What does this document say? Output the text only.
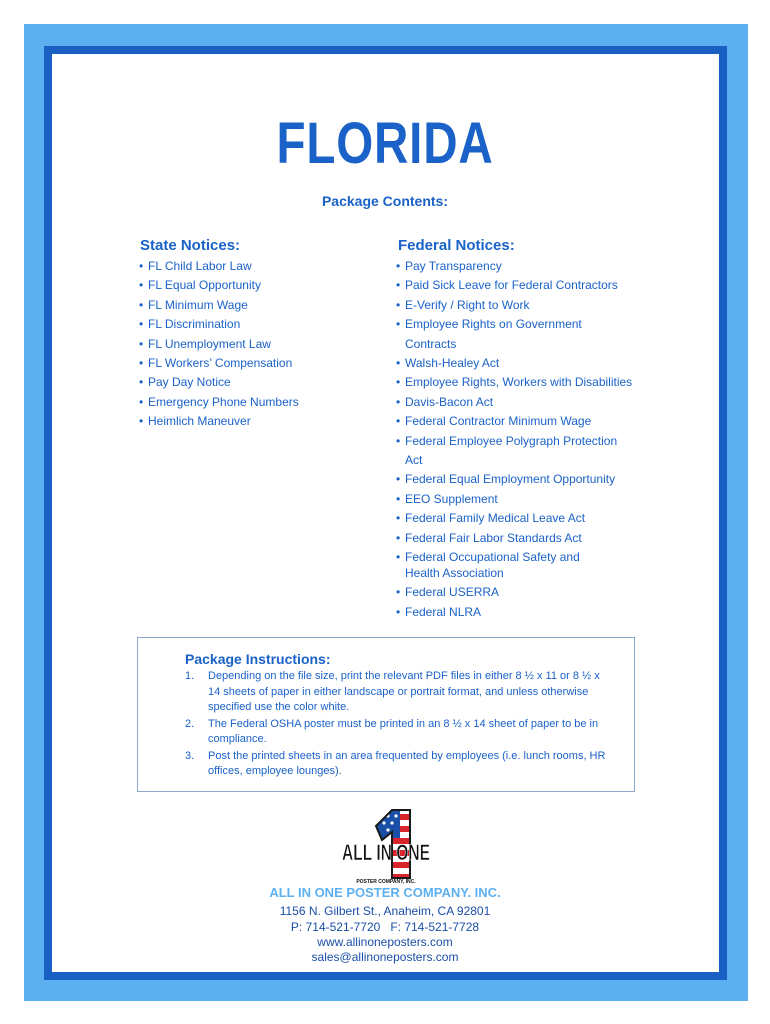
FLORIDA
Package Contents:
State Notices:
• FL Child Labor Law
• FL Equal Opportunity
• FL Minimum Wage
• FL Discrimination
• FL Unemployment Law
• FL Workers’ Compensation
• Pay Day Notice
• Emergency Phone Numbers
• Heimlich Maneuver
Federal Notices:
• Pay Transparency
• Paid Sick Leave for Federal Contractors
• E-Verify / Right to Work
• Employee Rights on Government Contracts
• Walsh-Healey Act
• Employee Rights, Workers with Disabilities
• Davis-Bacon Act
• Federal Contractor Minimum Wage
• Federal Employee Polygraph Protection Act
• Federal Equal Employment Opportunity
• EEO Supplement
• Federal Family Medical Leave Act
• Federal Fair Labor Standards Act
• Federal Occupational Safety and Health Association
• Federal USERRA
• Federal NLRA
Package Instructions:
1. Depending on the file size, print the relevant PDF files in either 8 ½ x 11 or 8 ½ x 14 sheets of paper in either landscape or portrait format, and unless otherwise specified use the color white.
2. The Federal OSHA poster must be printed in an 8 ½ x 14 sheet of paper to be in compliance.
3. Post the printed sheets in an area frequented by employees (i.e. lunch rooms, HR offices, employee lounges).
ALL IN ONE
POSTER COMPANY, INC.
ALL IN ONE POSTER COMPANY. INC.
1156 N. Gilbert St., Anaheim, CA 92801
P: 714-521-7720   F: 714-521-7728
www.allinoneposters.com
sales@allinoneposters.com
